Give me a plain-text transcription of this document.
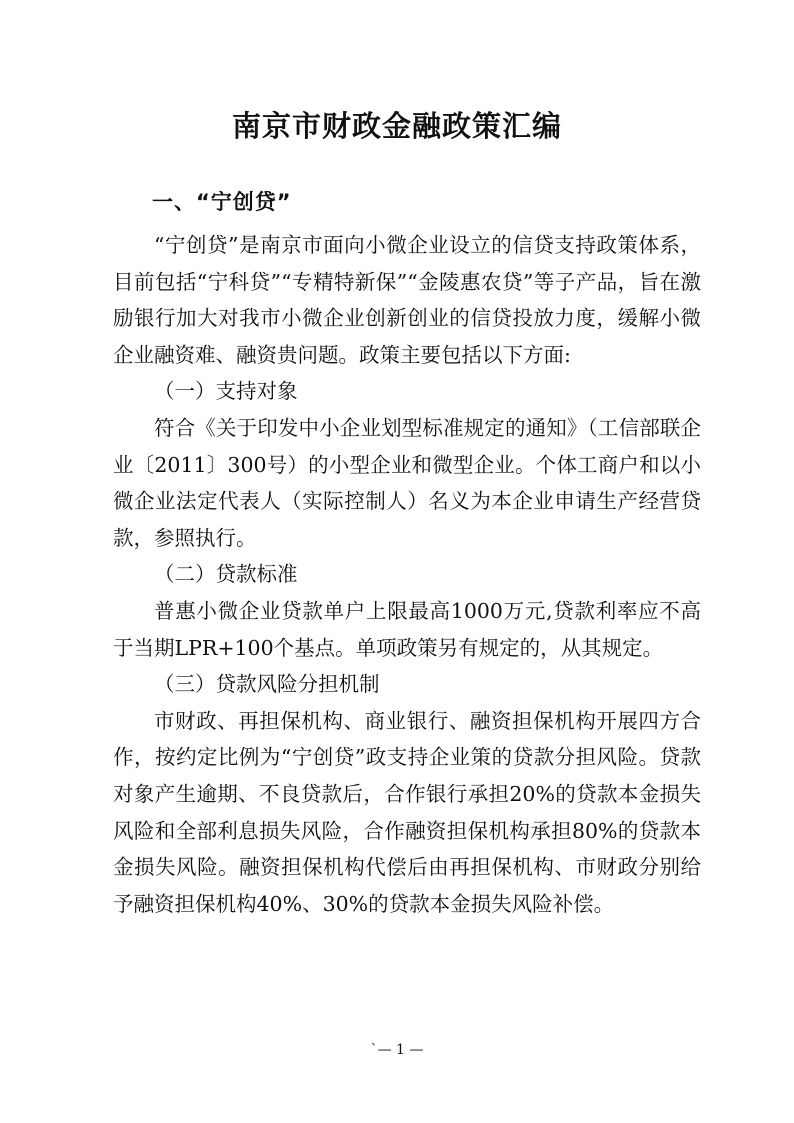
南京市财政金融政策汇编
一、“宁创贷”

“宁创贷”是南京市面向小微企业设立的信贷支持政策体系，目前包括“宁科贷”“专精特新保”“金陵惠农贷”等子产品，旨在激励银行加大对我市小微企业创新创业的信贷投放力度，缓解小微企业融资难、融资贵问题。政策主要包括以下方面:

（一）支持对象

符合《关于印发中小企业划型标准规定的通知》（工信部联企业〔2011〕300号）的小型企业和微型企业。个体工商户和以小微企业法定代表人（实际控制人）名义为本企业申请生产经营贷款，参照执行。

（二）贷款标准

普惠小微企业贷款单户上限最高1000万元,贷款利率应不高于当期LPR+100个基点。单项政策另有规定的，从其规定。

（三）贷款风险分担机制

市财政、再担保机构、商业银行、融资担保机构开展四方合作，按约定比例为“宁创贷”政支持企业策的贷款分担风险。贷款对象产生逾期、不良贷款后，合作银行承担20%的贷款本金损失风险和全部利息损失风险，合作融资担保机构承担80%的贷款本金损失风险。融资担保机构代偿后由再担保机构、市财政分别给予融资担保机构40%、30%的贷款本金损失风险补偿。

`— 1 —
